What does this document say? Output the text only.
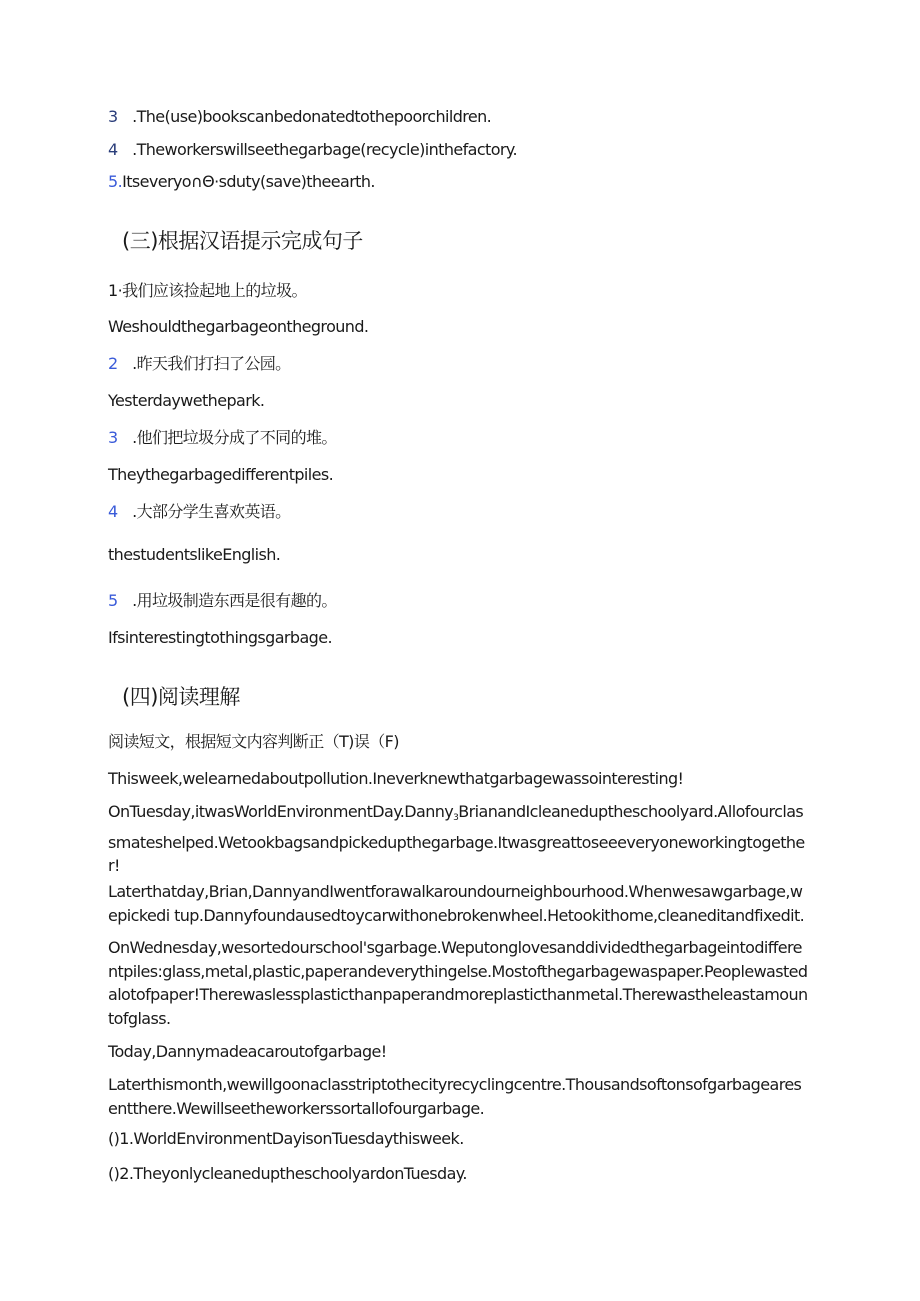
3 .The(use)bookscanbedonatedtothepoorchildren.
4 .Theworkerswillseethegarbage(recycle)inthefactory.
5.Itseveryo∩Θ·sduty(save)theearth.
(三)根据汉语提示完成句子
1·我们应该捡起地上的垃圾。
Weshouldthegarbageontheground.
2 .昨天我们打扫了公园。
Yesterdaywethepark.
3 .他们把垃圾分成了不同的堆。
Theythegarbagedifferentpiles.
4 .大部分学生喜欢英语。
thestudentslikeEnglish.
5 .用垃圾制造东西是很有趣的。
Ifsinterestingtothingsgarbage.
(四)阅读理解
阅读短文，根据短文内容判断正（T)误（F)
Thisweek,welearnedaboutpollution.Ineverknewthatgarbagewassointeresting!
OnTuesday,itwasWorldEnvironmentDay.Danny$_3$BrianandIcleaneduptheschoolyard.Allofourclassmateshelped.Wetookbagsandpickedupthegarbage.Itwasgreattoseeeveryoneworkingtogether!
Laterthatday,Brian,DannyandIwentforawalkaroundourneighbourhood.Whenwesawgarbage,wepickedi tup.Dannyfoundausedtoycarwithonebrokenwheel.Hetookithome,cleaneditandfixedit.
OnWednesday,wesortedourschool'sgarbage.Weputonglovesanddividedthegarbageintodifferentpiles:glass,metal,plastic,paperandeverythingelse.Mostofthegarbagewaspaper.Peoplewastedalotofpaper!Therewaslessplasticthanpaperandmoreplasticthanmetal.Therewastheleastamountofglass.
Today,Dannymadeacaroutofgarbage!
Laterthismonth,wewillgoonaclasstriptothecityrecyclingcentre.Thousandsoftonsofgarbagearesentthere.Wewillseetheworkerssortallofourgarbage.
()1.WorldEnvironmentDayisonTuesdaythisweek.
()2.TheyonlycleaneduptheschoolyardonTuesday.
